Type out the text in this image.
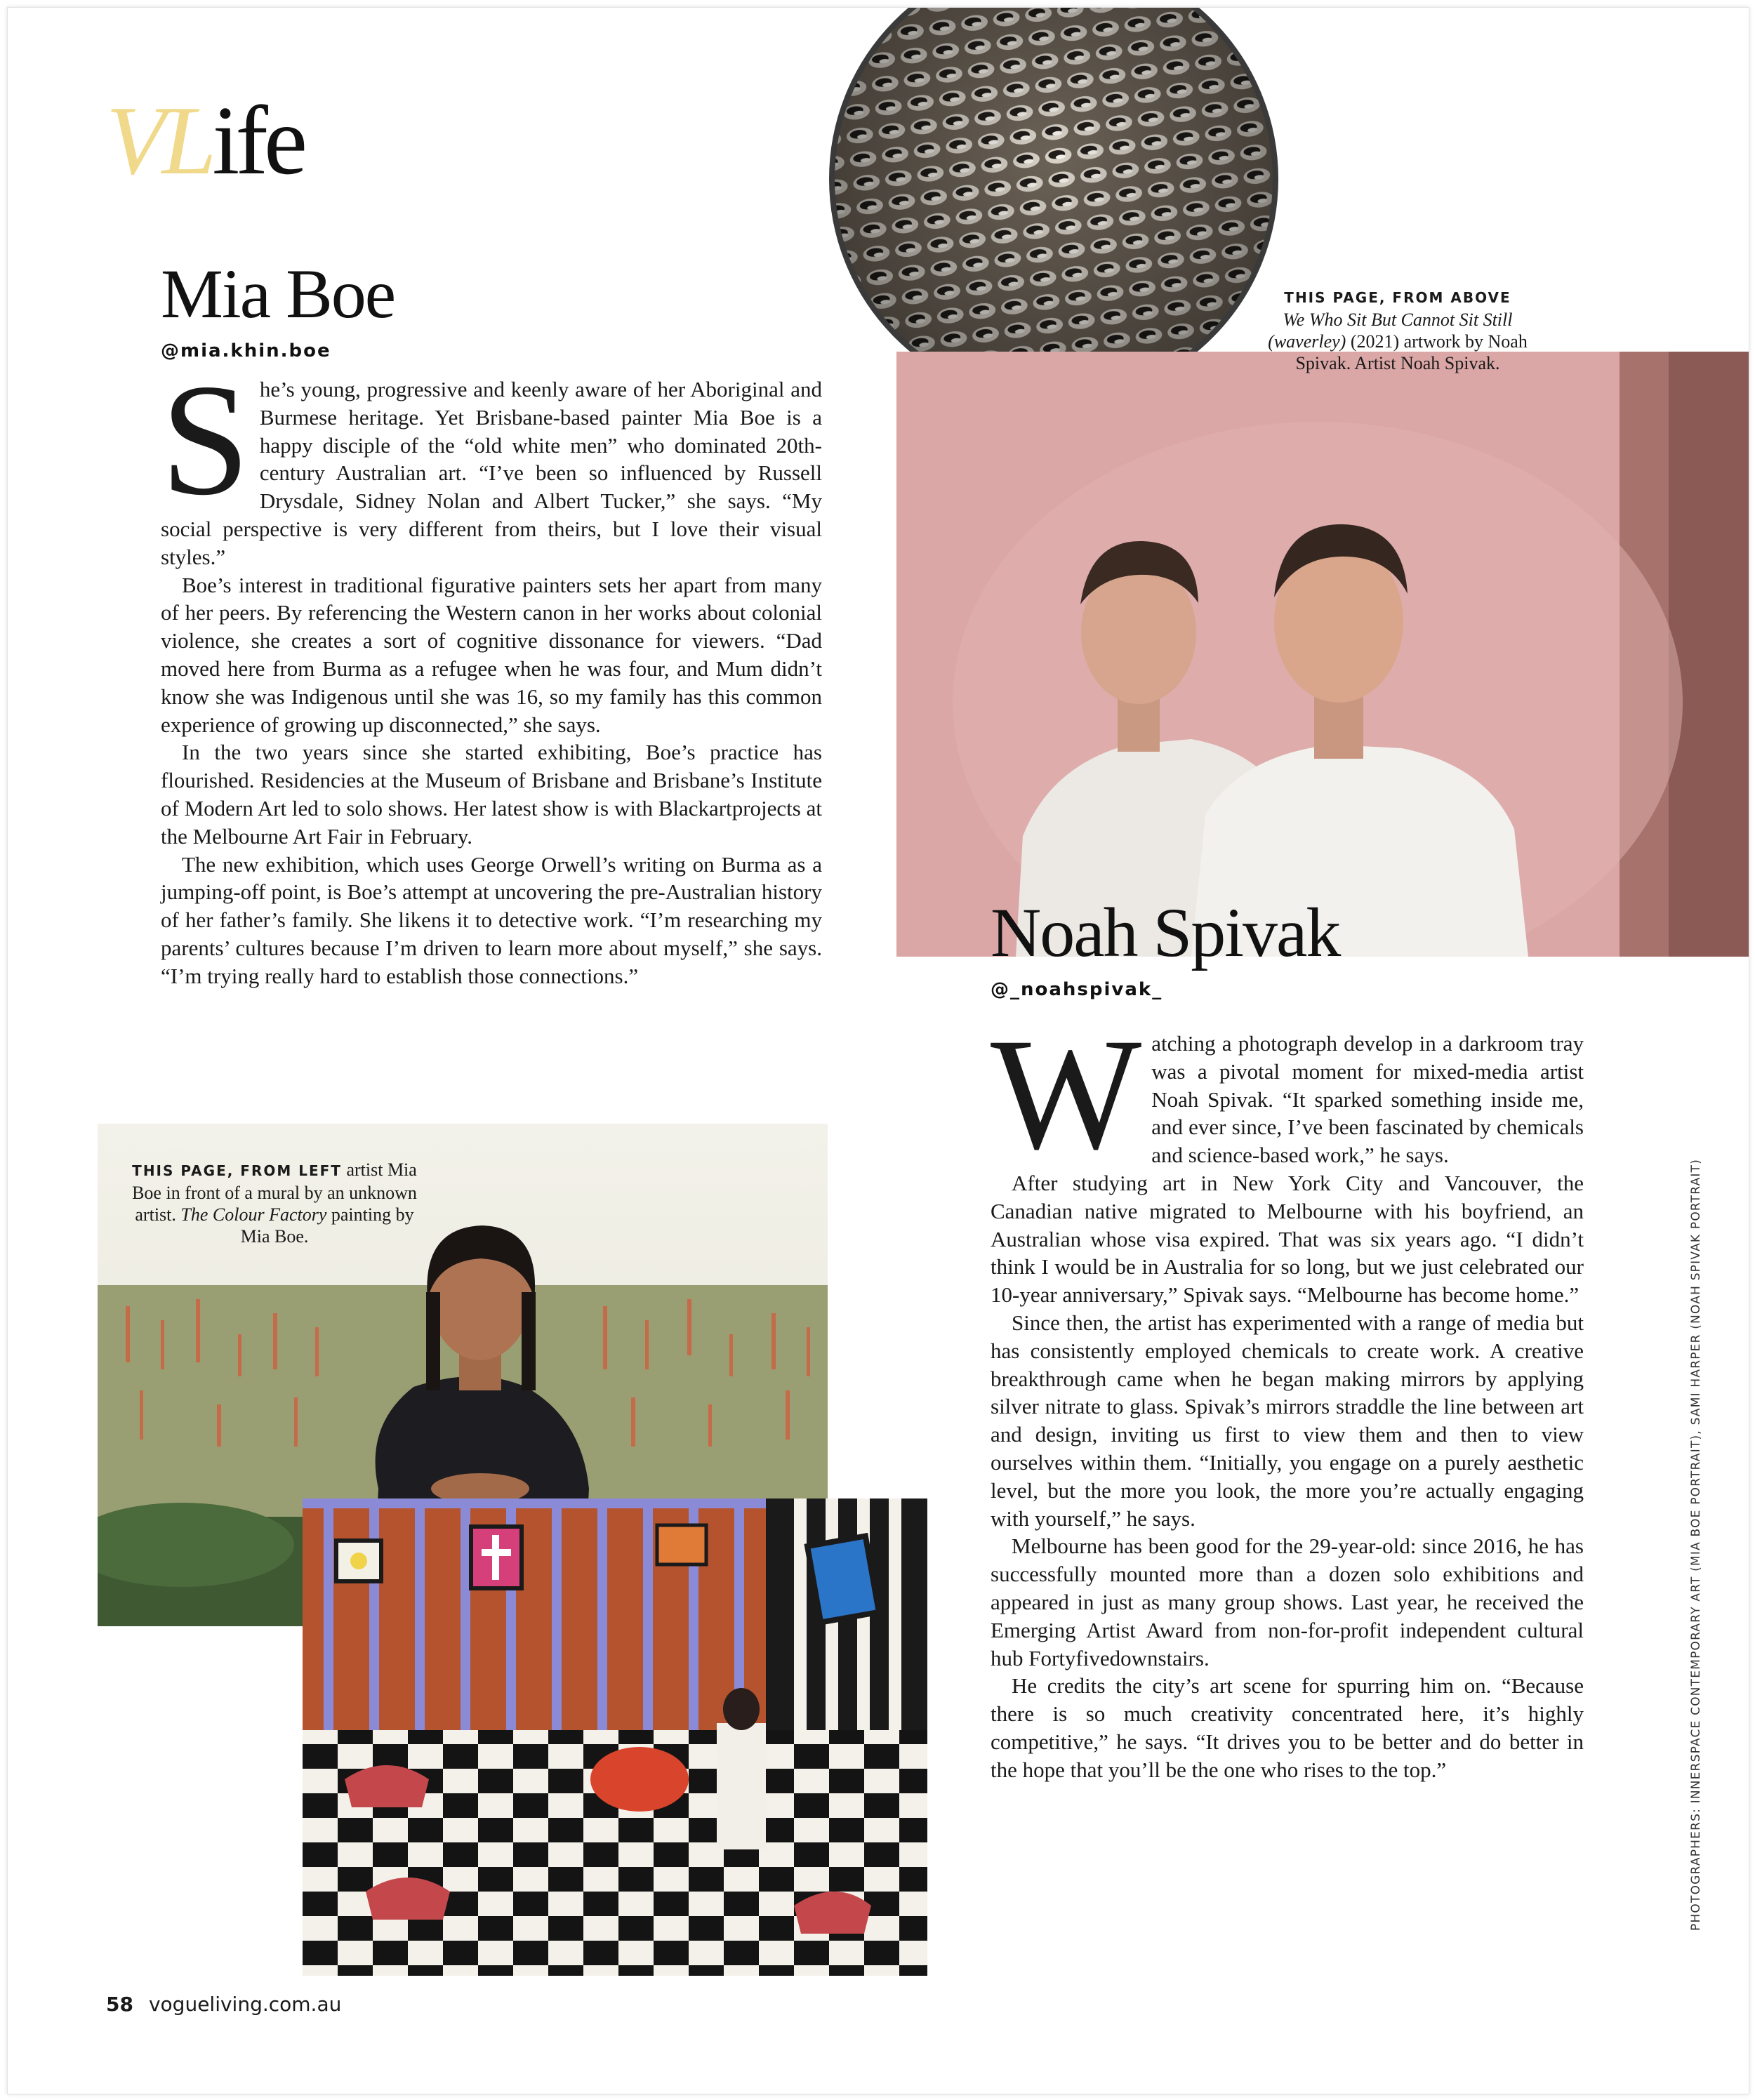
VLife
THIS PAGE, FROM ABOVE
We Who Sit But Cannot Sit Still (waverley) (2021) artwork by Noah Spivak. Artist Noah Spivak.
Mia Boe
@mia.khin.boe

She’s young, progressive and keenly aware of her Aboriginal and Burmese heritage. Yet Brisbane-based painter Mia Boe is a happy disciple of the “old white men” who dominated 20th-century Australian art. “I’ve been so influenced by Russell Drysdale, Sidney Nolan and Albert Tucker,” she says. “My social perspective is very different from theirs, but I love their visual styles.”

Boe’s interest in traditional figurative painters sets her apart from many of her peers. By referencing the Western canon in her works about colonial violence, she creates a sort of cognitive dissonance for viewers. “Dad moved here from Burma as a refugee when he was four, and Mum didn’t know she was Indigenous until she was 16, so my family has this common experience of growing up disconnected,” she says.

In the two years since she started exhibiting, Boe’s practice has flourished. Residencies at the Museum of Brisbane and Brisbane’s Institute of Modern Art led to solo shows. Her latest show is with Blackartprojects at the Melbourne Art Fair in February.

The new exhibition, which uses George Orwell’s writing on Burma as a jumping-off point, is Boe’s attempt at uncovering the pre-Australian history of her father’s family. She likens it to detective work. “I’m researching my parents’ cultures because I’m driven to learn more about myself,” she says. “I’m trying really hard to establish those connections.”

THIS PAGE, FROM LEFT artist Mia Boe in front of a mural by an unknown artist. The Colour Factory painting by Mia Boe.
Noah Spivak
@_noahspivak_

Watching a photograph develop in a darkroom tray was a pivotal moment for mixed-media artist Noah Spivak. “It sparked something inside me, and ever since, I’ve been fascinated by chemicals and science-based work,” he says.

After studying art in New York City and Vancouver, the Canadian native migrated to Melbourne with his boyfriend, an Australian whose visa expired. That was six years ago. “I didn’t think I would be in Australia for so long, but we just celebrated our 10-year anniversary,” Spivak says. “Melbourne has become home.”

Since then, the artist has experimented with a range of media but has consistently employed chemicals to create work. A creative breakthrough came when he began making mirrors by applying silver nitrate to glass. Spivak’s mirrors straddle the line between art and design, inviting us first to view them and then to view ourselves within them. “Initially, you engage on a purely aesthetic level, but the more you look, the more you’re actually engaging with yourself,” he says.

Melbourne has been good for the 29-year-old: since 2016, he has successfully mounted more than a dozen solo exhibitions and appeared in just as many group shows. Last year, he received the Emerging Artist Award from non-for-profit independent cultural hub Fortyfivedownstairs.

He credits the city’s art scene for spurring him on. “Because there is so much creativity concentrated here, it’s highly competitive,” he says. “It drives you to be better and do better in the hope that you’ll be the one who rises to the top.”	PHOTOGRAPHERS: INNERSPACE CONTEMPORARY ART (MIA BOE PORTRAIT), SAMI HARPER (NOAH SPIVAK PORTRAIT)
58 vogueliving.com.au
